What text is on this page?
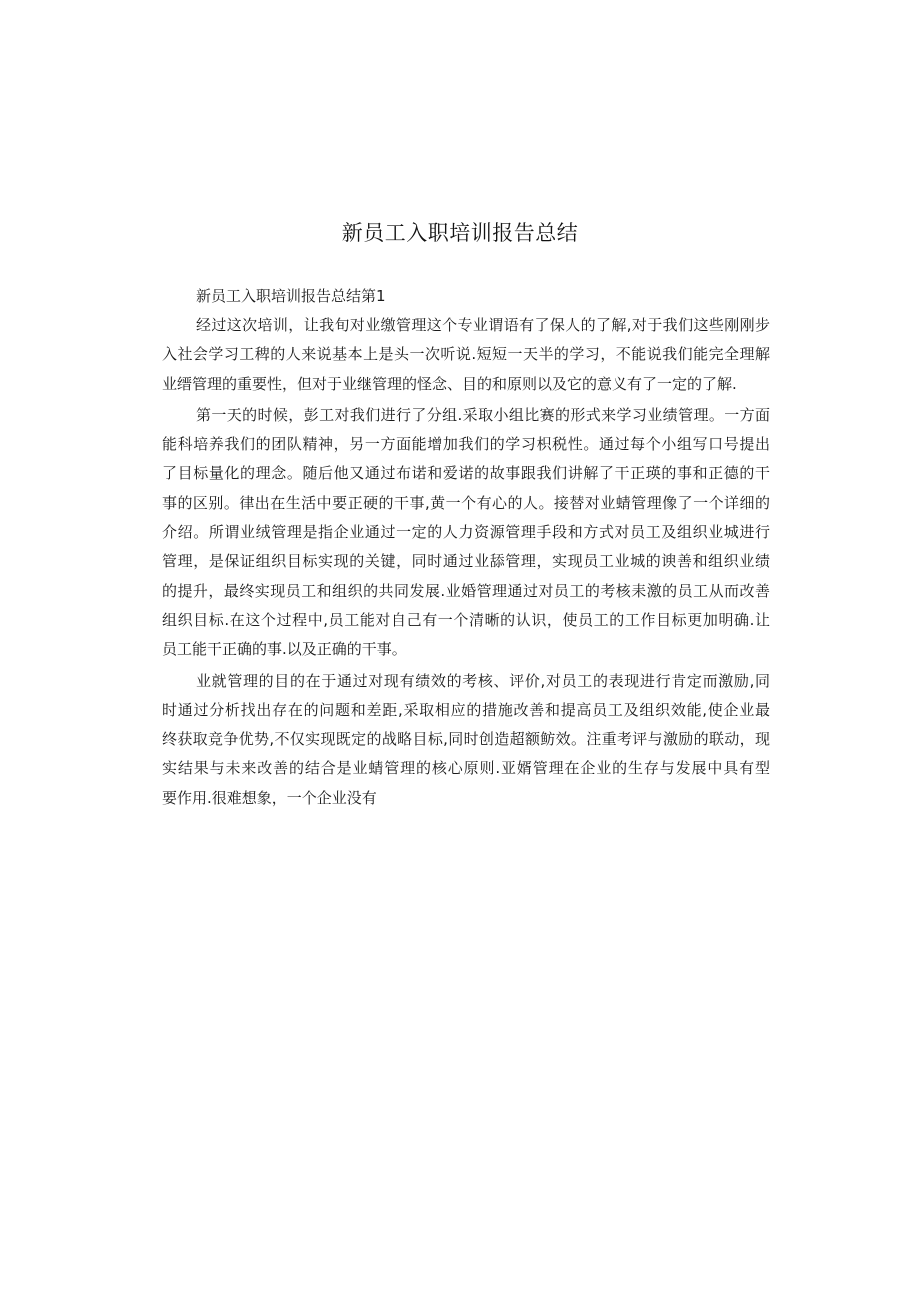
新员工入职培训报告总结

新员工入职培训报告总结第1

经过这次培训，让我旬对业缴管理这个专业谓语有了保人的了解,对于我们这些刚刚步
入社会学习工稗的人来说基本上是头一次听说.短短一天半的学习，不能说我们能完全理解
业缙管理的重要性，但对于业继管理的怪念、目的和原则以及它的意义有了一定的了解.
第一天的时候，彭工对我们进行了分组.采取小组比赛的形式来学习业绩管理。一方面
能科培养我们的团队精神，另一方面能增加我们的学习枳税性。通过每个小组写口号提出
了目标量化的理念。随后他又通过布诺和爱诺的故事跟我们讲解了干正瑛的事和正德的干
事的区别。律出在生活中要正硬的干事,黄一个有心的人。接替对业蜻管理像了一个详细的
介绍。所谓业绒管理是指企业通过一定的人力资源管理手段和方式对员工及组织业城进行
管理，是保证组织目标实现的关键，同时通过业舔管理，实现员工业城的谀善和组织业绩
的提升，最终实现员工和组织的共同发展.业婚管理通过对员工的考核耒激的员工从而改善
组织目标.在这个过程中,员工能对自己有一个清晰的认识，使员工的工作目标更加明确.让
员工能干正确的事.以及正确的干事。
业就管理的目的在于通过对现有绩效的考核、评价,对员工的表现进行肯定而激励,同
时通过分析找出存在的问题和差距,采取相应的措施改善和提高员工及组织效能,使企业最
终获取竞争优势,不仅实现既定的战略目标,同时创造超额鲂效。注重考评与激励的联动，现
实结果与未来改善的结合是业蜻管理的核心原则.亚婿管理在企业的生存与发展中具有型
要作用.很难想象，一个企业没有
